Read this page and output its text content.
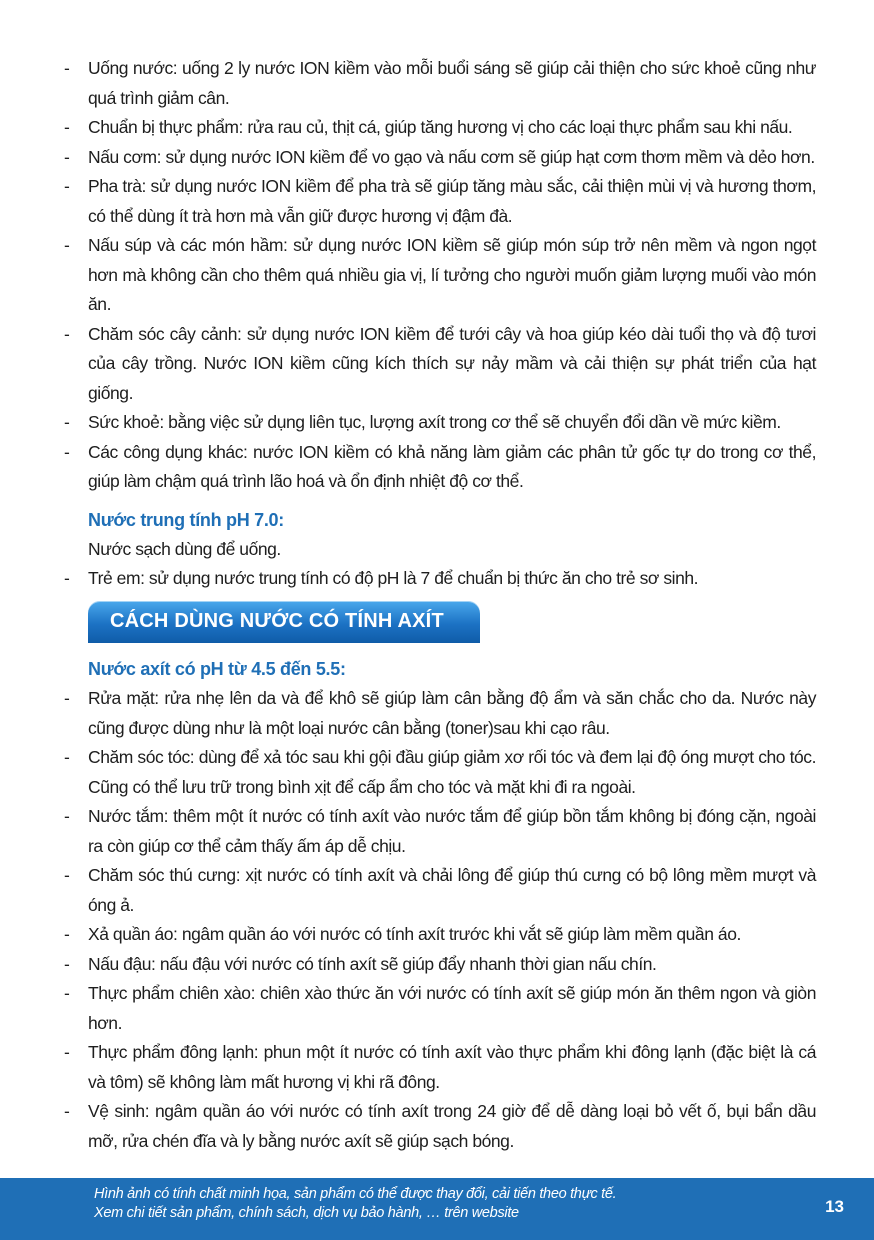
- Uống nước: uống 2 ly nước ION kiềm vào mỗi buổi sáng sẽ giúp cải thiện cho sức khoẻ cũng như quá trình giảm cân.
- Chuẩn bị thực phẩm: rửa rau củ, thịt cá, giúp tăng hương vị cho các loại thực phẩm sau khi nấu.
- Nấu cơm: sử dụng nước ION kiềm để vo gạo và nấu cơm sẽ giúp hạt cơm thơm mềm và dẻo hơn.
- Pha trà: sử dụng nước ION kiềm để pha trà sẽ giúp tăng màu sắc, cải thiện mùi vị và hương thơm, có thể dùng ít trà hơn mà vẫn giữ được hương vị đậm đà.
- Nấu súp và các món hầm: sử dụng nước ION kiềm sẽ giúp món súp trở nên mềm và ngon ngọt hơn mà không cần cho thêm quá nhiều gia vị, lí tưởng cho người muốn giảm lượng muối vào món ăn.
- Chăm sóc cây cảnh: sử dụng nước ION kiềm để tưới cây và hoa giúp kéo dài tuổi thọ và độ tươi của cây trồng. Nước ION kiềm cũng kích thích sự nảy mầm và cải thiện sự phát triển của hạt giống.
- Sức khoẻ: bằng việc sử dụng liên tục, lượng axít trong cơ thể sẽ chuyển đổi dần về mức kiềm.
- Các công dụng khác: nước ION kiềm có khả năng làm giảm các phân tử gốc tự do trong cơ thể, giúp làm chậm quá trình lão hoá và ổn định nhiệt độ cơ thể.
Nước trung tính pH 7.0:
Nước sạch dùng để uống.
- Trẻ em: sử dụng nước trung tính có độ pH là 7 để chuẩn bị thức ăn cho trẻ sơ sinh.
CÁCH DÙNG NƯỚC CÓ TÍNH AXÍT
Nước axít có pH từ 4.5 đến 5.5:
- Rửa mặt: rửa nhẹ lên da và để khô sẽ giúp làm cân bằng độ ẩm và săn chắc cho da. Nước này cũng được dùng như là một loại nước cân bằng (toner)sau khi cạo râu.
- Chăm sóc tóc: dùng để xả tóc sau khi gội đầu giúp giảm xơ rối tóc và đem lại độ óng mượt cho tóc. Cũng có thể lưu trữ trong bình xịt để cấp ẩm cho tóc và mặt khi đi ra ngoài.
- Nước tắm: thêm một ít nước có tính axít vào nước tắm để giúp bồn tắm không bị đóng cặn, ngoài ra còn giúp cơ thể cảm thấy ấm áp dễ chịu.
- Chăm sóc thú cưng: xịt nước có tính axít và chải lông để giúp thú cưng có bộ lông mềm mượt và óng ả.
- Xả quần áo: ngâm quần áo với nước có tính axít trước khi vắt sẽ giúp làm mềm quần áo.
- Nấu đậu: nấu đậu với nước có tính axít sẽ giúp đẩy nhanh thời gian nấu chín.
- Thực phẩm chiên xào: chiên xào thức ăn với nước có tính axít sẽ giúp món ăn thêm ngon và giòn hơn.
- Thực phẩm đông lạnh: phun một ít nước có tính axít vào thực phẩm khi đông lạnh (đặc biệt là cá và tôm) sẽ không làm mất hương vị khi rã đông.
- Vệ sinh: ngâm quần áo với nước có tính axít trong 24 giờ để dễ dàng loại bỏ vết ố, bụi bẩn dầu mỡ, rửa chén đĩa và ly bằng nước axít sẽ giúp sạch bóng.
Hình ảnh có tính chất minh họa, sản phẩm có thể được thay đổi, cải tiến theo thực tế.
Xem chi tiết sản phẩm, chính sách, dịch vụ bảo hành, … trên website	13
